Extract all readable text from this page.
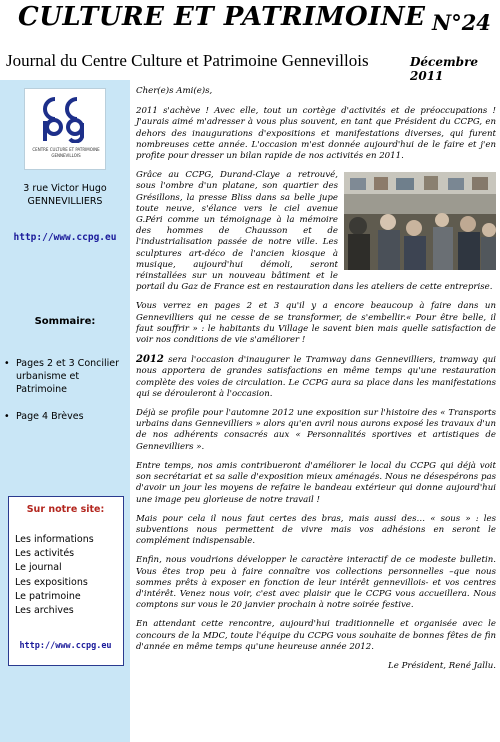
CULTURE ET PATRIMOINE N°24
Journal du Centre Culture et Patrimoine Gennevillois	Décembre 2011
CENTRE CULTURE ET PATRIMOINE
GENNEVILLOIS
3 rue Victor Hugo
GENNEVILLIERS
http://www.ccpg.eu
Sommaire:
• Pages 2 et 3 Concilier urbanisme et Patrimoine
• Page 4 Brèves
Sur notre site:
Les informations
Les activités
Le journal
Les expositions
Le patrimoine
Les archives
http://www.ccpg.eu

Cher(e)s Ami(e)s,

2011 s'achève ! Avec elle, tout un cortège d'activités et de préoccupations ! J'aurais aimé m'adresser à vous plus souvent, en tant que Président du CCPG, en dehors des inaugurations d'expositions et manifestations diverses, qui furent nombreuses cette année. L'occasion m'est donnée aujourd'hui de le faire et j'en profite pour dresser un bilan rapide de nos activités en 2011.

Grâce au CCPG, Durand-Claye a retrouvé, sous l'ombre d'un platane, son quartier des Grésillons, la presse Bliss dans sa belle jupe toute neuve, s'élance vers le ciel avenue G.Péri comme un témoignage à la mémoire des hommes de Chausson et de l'industrialisation passée de notre ville. Les sculptures art-déco de l'ancien kiosque à musique, aujourd'hui démoli, seront réinstallées sur un nouveau bâtiment et le portail du Gaz de France est en restauration dans les ateliers de cette entreprise.

Vous verrez en pages 2 et 3 qu'il y a encore beaucoup à faire dans un Gennevilliers qui ne cesse de se transformer, de s'embellir.« Pour être belle, il faut souffrir » : le habitants du Village le savent bien mais quelle satisfaction de voir nos conditions de vie s'améliorer !

2012 sera l'occasion d'inaugurer le Tramway dans Gennevilliers, tramway qui nous apportera de grandes satisfactions en même temps qu'une restauration complète des voies de circulation. Le CCPG aura sa place dans les manifestations qui se dérouleront à l'occasion.

Déjà se profile pour l'automne 2012 une exposition sur l'histoire des « Transports urbains dans Gennevilliers » alors qu'en avril nous aurons exposé les travaux d'un de nos adhérents consacrés aux « Personnalités sportives et artistiques de Gennevilliers ».

Entre temps, nos amis contribueront d'améliorer le local du CCPG qui déjà voit son secrétariat et sa salle d'exposition mieux aménagés. Nous ne désespérons pas d'avoir un jour les moyens de refaire le bandeau extérieur qui donne aujourd'hui une image peu glorieuse de notre travail !

Mais pour cela il nous faut certes des bras, mais aussi des… « sous » : les subventions nous permettent de vivre mais vos adhésions en seront le complément indispensable.

Enfin, nous voudrions développer le caractère interactif de ce modeste bulletin. Vous êtes trop peu à faire connaître vos collections personnelles –que nous sommes prêts à exposer en fonction de leur intérêt gennevillois- et vos centres d'intérêt. Venez nous voir, c'est avec plaisir que le CCPG vous accueillera. Nous comptons sur vous le 20 janvier prochain à notre soirée festive.

En attendant cette rencontre, aujourd'hui traditionnelle et organisée avec le concours de la MDC, toute l'équipe du CCPG vous souhaite de bonnes fêtes de fin d'année en même temps qu'une heureuse année 2012.

Le Président, René Jallu.
